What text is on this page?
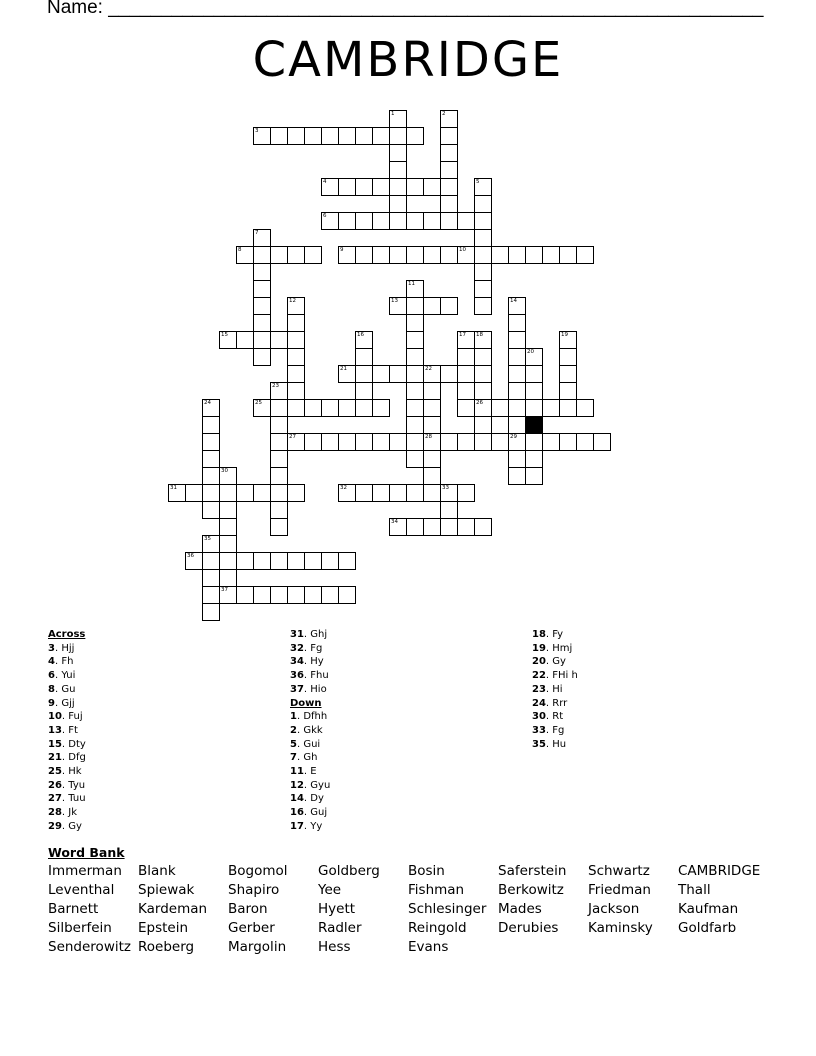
Name: ______________________________________________________________
CAMBRIDGE
3
1	2
4	5
6
7
8	9	10
11
12	13	14
29
15	16	17 18
26
19
20
21	22
28
23
24	25
27
30
37
31	32	33
34
35
36
Across
3. Hjj
4. Fh
6. Yui
8. Gu
9. Gjj
10. Fuj
13. Ft
15. Dty
21. Dfg
25. Hk
26. Tyu
27. Tuu
28. Jk
29. Gy
31. Ghj
32. Fg
34. Hy
36. Fhu
37. Hio
Down
1. Dfhh
2. Gkk
5. Gui
7. Gh
11. E
12. Gyu
14. Dy
16. Guj
17. Yy
18. Fy
19. Hmj
20. Gy
22. FHi h
23. Hi
24. Rrr
30. Rt
33. Fg
35. Hu
Word Bank
Immerman
Leventhal
Barnett
Silberfein
Senderowitz
Blank
Spiewak
Kardeman
Epstein
Roeberg
Bogomol
Shapiro
Baron
Gerber
Margolin
Goldberg
Yee
Hyett
Radler
Hess
Bosin
Fishman
Schlesinger
Reingold
Evans
Saferstein
Berkowitz
Mades
Derubies
Schwartz
Friedman
Jackson
Kaminsky
CAMBRIDGE
Thall
Kaufman
Goldfarb
